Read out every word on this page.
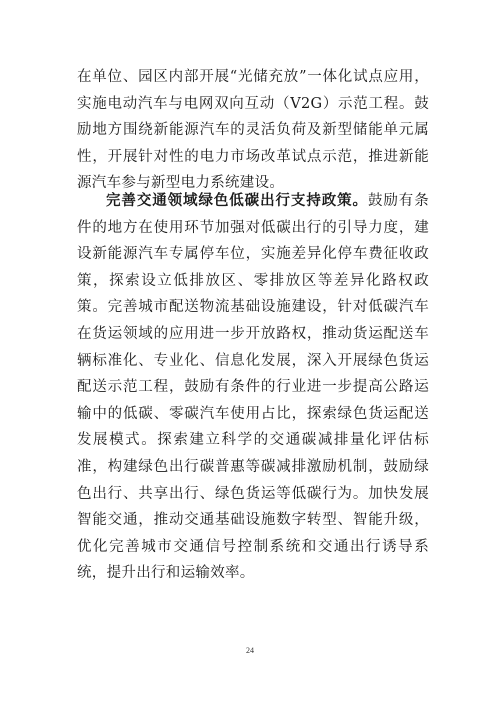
在单位、园区内部开展“光储充放”一体化试点应用，实施电动汽车与电网双向互动（V2G）示范工程。鼓励地方围绕新能源汽车的灵活负荷及新型储能单元属性，开展针对性的电力市场改革试点示范，推进新能源汽车参与新型电力系统建设。

完善交通领域绿色低碳出行支持政策。鼓励有条件的地方在使用环节加强对低碳出行的引导力度，建设新能源汽车专属停车位，实施差异化停车费征收政策，探索设立低排放区、零排放区等差异化路权政策。完善城市配送物流基础设施建设，针对低碳汽车在货运领域的应用进一步开放路权，推动货运配送车辆标准化、专业化、信息化发展，深入开展绿色货运配送示范工程，鼓励有条件的行业进一步提高公路运输中的低碳、零碳汽车使用占比，探索绿色货运配送发展模式。探索建立科学的交通碳减排量化评估标准，构建绿色出行碳普惠等碳减排激励机制，鼓励绿色出行、共享出行、绿色货运等低碳行为。加快发展智能交通，推动交通基础设施数字转型、智能升级，优化完善城市交通信号控制系统和交通出行诱导系统，提升出行和运输效率。

24
